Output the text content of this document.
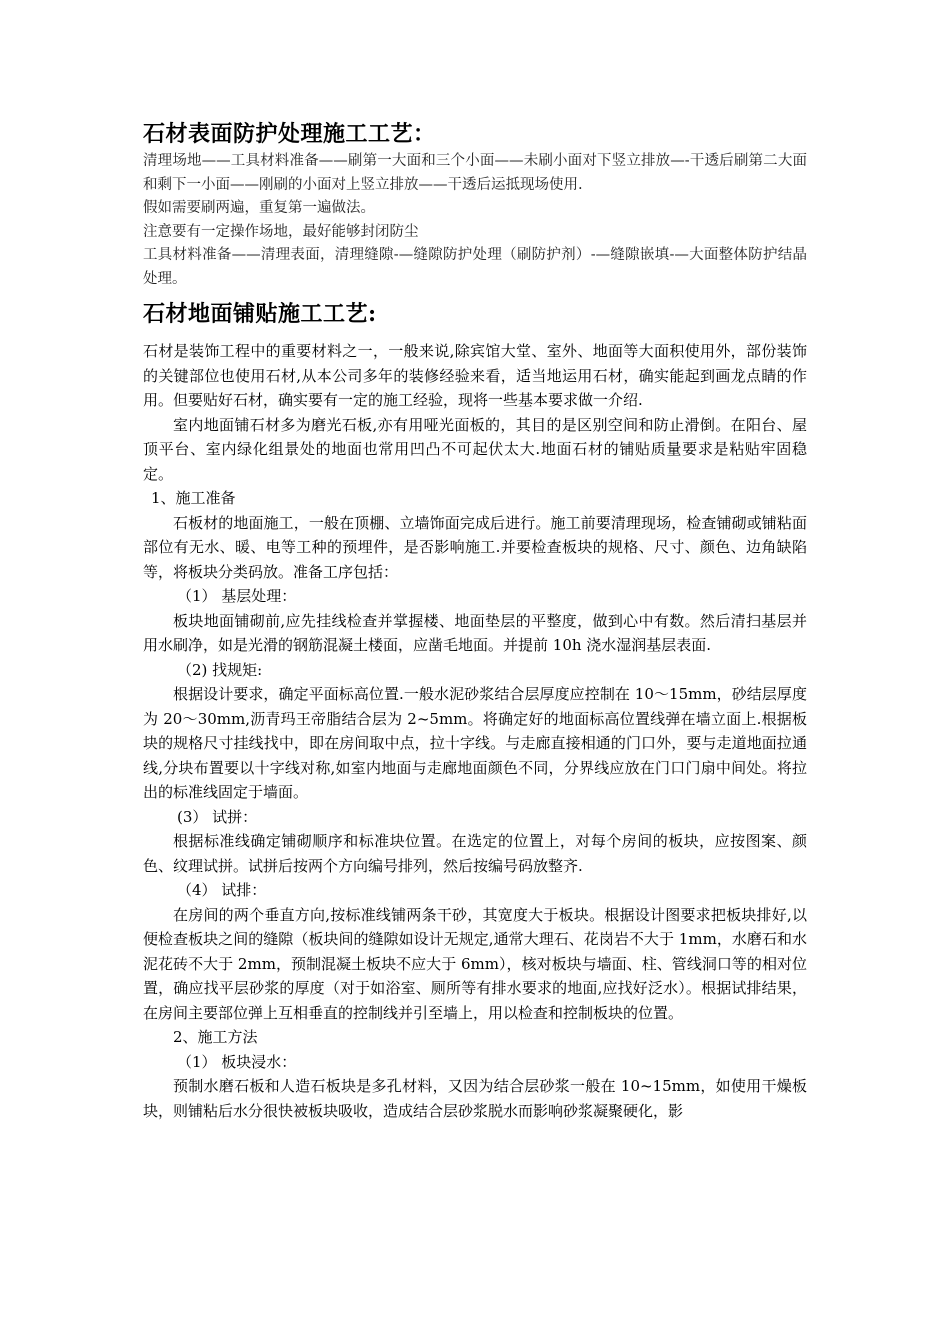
石材表面防护处理施工工艺：

清理场地——工具材料准备——刷第一大面和三个小面——未刷小面对下竖立排放—-干透后刷第二大面和剩下一小面——刚刷的小面对上竖立排放——干透后运抵现场使用.

假如需要刷两遍，重复第一遍做法。

注意要有一定操作场地，最好能够封闭防尘

工具材料准备——清理表面，清理缝隙-—缝隙防护处理（刷防护剂）-—缝隙嵌填-—大面整体防护结晶处理。

石材地面铺贴施工工艺:

石材是装饰工程中的重要材料之一，一般来说,除宾馆大堂、室外、地面等大面积使用外，部份装饰的关键部位也使用石材,从本公司多年的装修经验来看，适当地运用石材，确实能起到画龙点睛的作用。但要贴好石材，确实要有一定的施工经验，现将一些基本要求做一介绍.

室内地面铺石材多为磨光石板,亦有用哑光面板的，其目的是区别空间和防止滑倒。在阳台、屋顶平台、室内绿化组景处的地面也常用凹凸不可起伏太大.地面石材的铺贴质量要求是粘贴牢固稳定。

1、施工准备

石板材的地面施工，一般在顶棚、立墙饰面完成后进行。施工前要清理现场，检查铺砌或铺粘面部位有无水、暖、电等工种的预埋件，是否影响施工.并要检查板块的规格、尺寸、颜色、边角缺陷等，将板块分类码放。准备工序包括：

（1） 基层处理：

板块地面铺砌前,应先挂线检查并掌握楼、地面垫层的平整度，做到心中有数。然后清扫基层并用水刷净，如是光滑的钢筋混凝土楼面，应凿毛地面。并提前 10h 浇水湿润基层表面.

（2) 找规矩:

根据设计要求，确定平面标高位置.一般水泥砂浆结合层厚度应控制在 10～15mm，砂结层厚度为 20～30mm,沥青玛王帝脂结合层为 2~5mm。将确定好的地面标高位置线弹在墙立面上.根据板块的规格尺寸挂线找中，即在房间取中点，拉十字线。与走廊直接相通的门口外，要与走道地面拉通线,分块布置要以十字线对称,如室内地面与走廊地面颜色不同，分界线应放在门口门扇中间处。将拉出的标准线固定于墙面。

(3） 试拼：

根据标准线确定铺砌顺序和标准块位置。在选定的位置上，对每个房间的板块，应按图案、颜色、纹理试拼。试拼后按两个方向编号排列，然后按编号码放整齐.

（4） 试排：

在房间的两个垂直方向,按标准线铺两条干砂，其宽度大于板块。根据设计图要求把板块排好,以便检查板块之间的缝隙（板块间的缝隙如设计无规定,通常大理石、花岗岩不大于 1mm，水磨石和水泥花砖不大于 2mm，预制混凝土板块不应大于 6mm），核对板块与墙面、柱、管线洞口等的相对位置，确应找平层砂浆的厚度（对于如浴室、厕所等有排水要求的地面,应找好泛水）。根据试排结果，在房间主要部位弹上互相垂直的控制线并引至墙上，用以检查和控制板块的位置。

2、施工方法

（1） 板块浸水：

预制水磨石板和人造石板块是多孔材料，又因为结合层砂浆一般在 10~15mm，如使用干燥板块，则铺粘后水分很快被板块吸收，造成结合层砂浆脱水而影响砂浆凝聚硬化，影
